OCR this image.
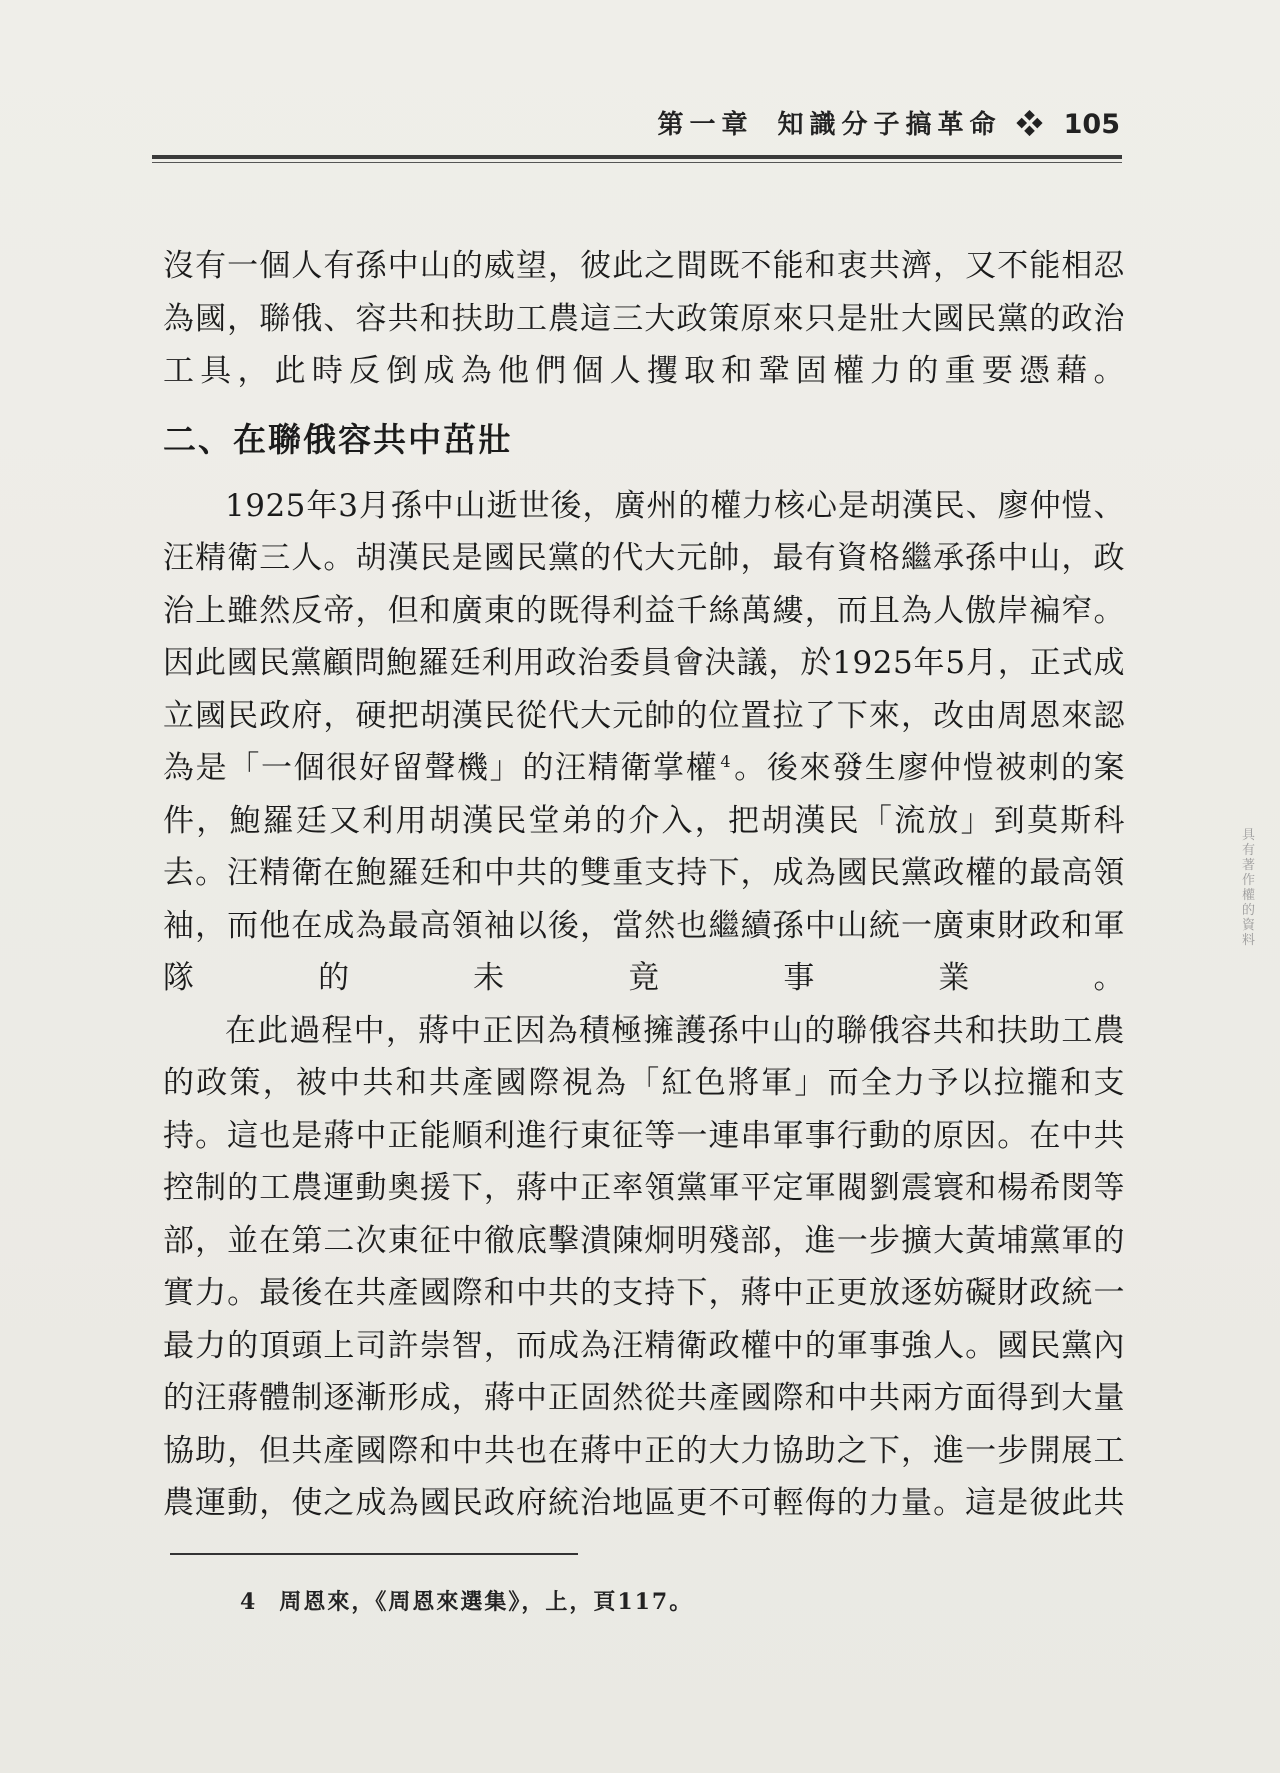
第一章 知識分子搞革命 ❖ 105

沒有一個人有孫中山的威望，彼此之間既不能和衷共濟，又不能相忍為國，聯俄、容共和扶助工農這三大政策原來只是壯大國民黨的政治工具，此時反倒成為他們個人攫取和鞏固權力的重要憑藉。

二、在聯俄容共中茁壯

1925年3月孫中山逝世後，廣州的權力核心是胡漢民、廖仲愷、汪精衛三人。胡漢民是國民黨的代大元帥，最有資格繼承孫中山，政治上雖然反帝，但和廣東的既得利益千絲萬縷，而且為人傲岸褊窄。因此國民黨顧問鮑羅廷利用政治委員會決議，於1925年5月，正式成立國民政府，硬把胡漢民從代大元帥的位置拉了下來，改由周恩來認為是「一個很好留聲機」的汪精衛掌權 $^4$。後來發生廖仲愷被刺的案件，鮑羅廷又利用胡漢民堂弟的介入，把胡漢民「流放」到莫斯科去。汪精衛在鮑羅廷和中共的雙重支持下，成為國民黨政權的最高領袖，而他在成為最高領袖以後，當然也繼續孫中山統一廣東財政和軍隊的未竟事業。

在此過程中，蔣中正因為積極擁護孫中山的聯俄容共和扶助工農的政策，被中共和共產國際視為「紅色將軍」而全力予以拉攏和支持。這也是蔣中正能順利進行東征等一連串軍事行動的原因。在中共控制的工農運動奧援下，蔣中正率領黨軍平定軍閥劉震寰和楊希閔等部，並在第二次東征中徹底擊潰陳炯明殘部，進一步擴大黃埔黨軍的實力。最後在共產國際和中共的支持下，蔣中正更放逐妨礙財政統一最力的頂頭上司許崇智，而成為汪精衛政權中的軍事強人。國民黨內的汪蔣體制逐漸形成，蔣中正固然從共產國際和中共兩方面得到大量協助，但共產國際和中共也在蔣中正的大力協助之下，進一步開展工農運動，使之成為國民政府統治地區更不可輕侮的力量。這是彼此共

4 周恩來，《周恩來選集》，上，頁117。
具有著作權的資料
